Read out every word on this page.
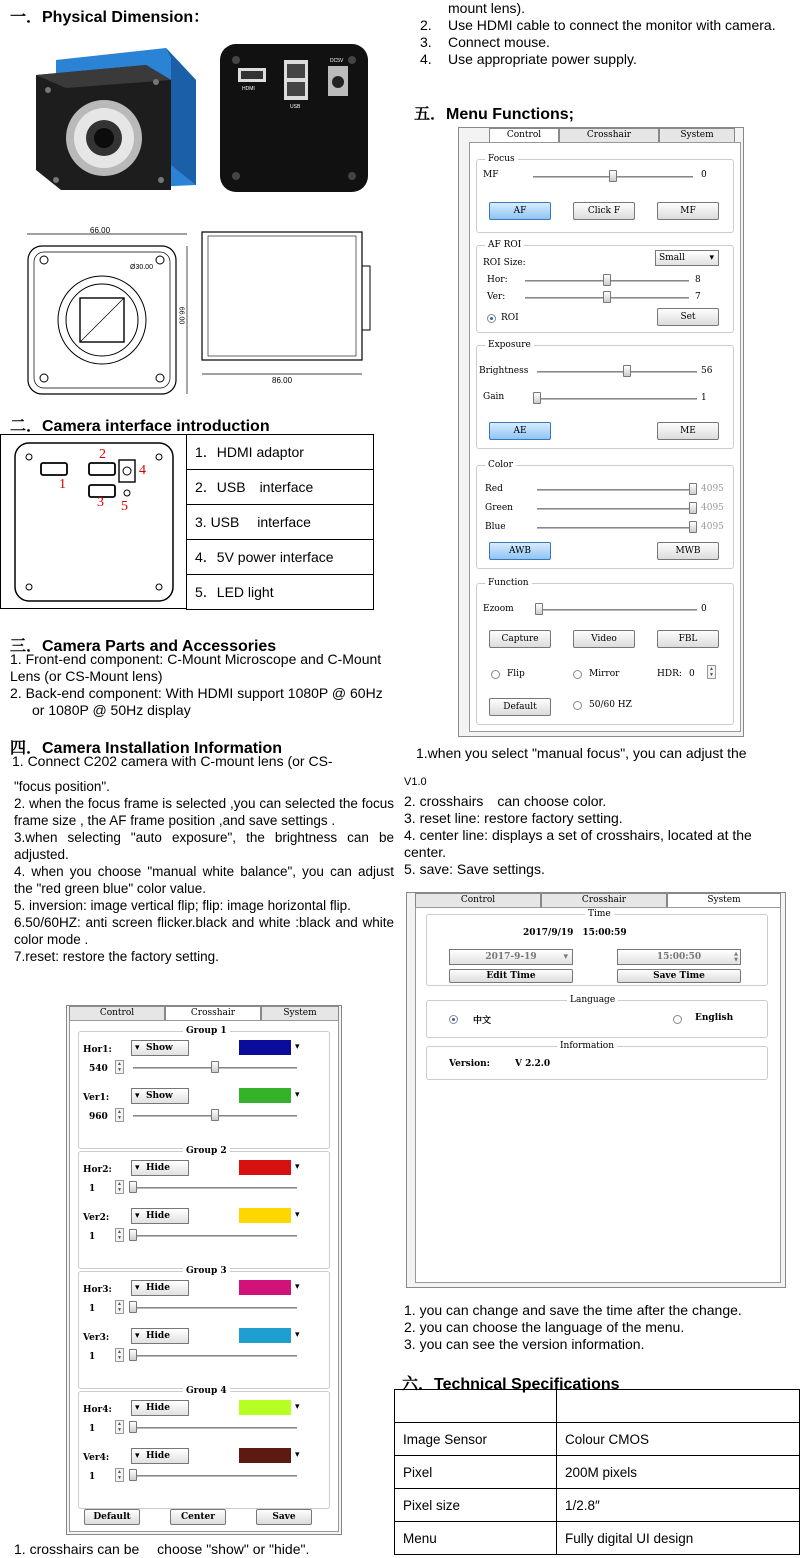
一．Physical Dimension：
HDMI
USB
DC5V
66.00
Ø30.00
66.00
86.00
二．Camera interface introduction
1
2
3
4
5
1．HDMI adaptor
2．USB　interface
3. USB　 interface
4．5V power interface
5．LED light
三．Camera Parts and Accessories
1. Front-end component: C-Mount Microscope and C-Mount Lens (or CS-Mount lens)
2. Back-end component: With HDMI support 1080P @ 60Hz or 1080P @ 50Hz display
四．Camera Installation Information
1. Connect C202 camera with C-mount lens (or CS-
mount lens).
2.	Use HDMI cable to connect the monitor with camera.
3.	Connect mouse.
4.	Use appropriate power supply.
五．Menu Functions;
Control	Crosshair	System
Focus
MF	0
AF	Click F	MF
AF ROI
ROI Size:	Small	▾
Hor:	8
Ver:	7
ROI	Set
Exposure
Brightness	56
Gain	1
AE	ME
Color
Red	4095
Green	4095
Blue	4095
AWB	MWB
Function
Ezoom	0
Capture	Video	FBL
Flip	Mirror	HDR: 0	▲
▼
Default	50/60 HZ
1.when you select "manual focus", you can adjust the
"focus position".
2. when the focus frame is selected ,you can selected the focus frame size , the AF frame position ,and save settings .
3.when selecting "auto exposure", the brightness can be adjusted.
4. when you choose "manual white balance", you can adjust the "red green blue" color value.
5. inversion: image vertical flip; flip: image horizontal flip.
6.50/60HZ: anti screen flicker.black and white :black and white color mode .
7.reset: restore the factory setting.
V1.0
2. crosshairs　can choose color.
3. reset line: restore factory setting.
4. center line: displays a set of crosshairs, located at the center.
5. save: Save settings.
Control	Crosshair	System
Group 1
Hor1:	▾ Show	▾
540	▲
▼
Ver1:	▾ Show	▾
960	▲
▼
Group 2
Hor2:	▾ Hide	▾
1	▲
▼
Ver2:	▾ Hide	▾
1	▲
▼
Group 3
Hor3:	▾ Hide	▾
1	▲
▼
Ver3:	▾ Hide	▾
1	▲
▼
Group 4
Hor4:	▾ Hide	▾
1	▲
▼
Ver4:	▾ Hide	▾
1	▲
▼
Default	Center	Save
1. crosshairs can be　 choose "show" or "hide".
Control	Crosshair	System
Time
2017/9/19　15:00:59
2017-9-19	▾	15:00:50	▲
▼
Edit Time	Save Time
Language
中文	English
Information
Version:	V 2.2.0
1. you can change and save the time after the change.
2. you can choose the language of the menu.
3. you can see the version information.
六．Technical Specifications

Image Sensor	Colour CMOS
Pixel	200M pixels
Pixel size	1/2.8″
Menu	Fully digital UI design
